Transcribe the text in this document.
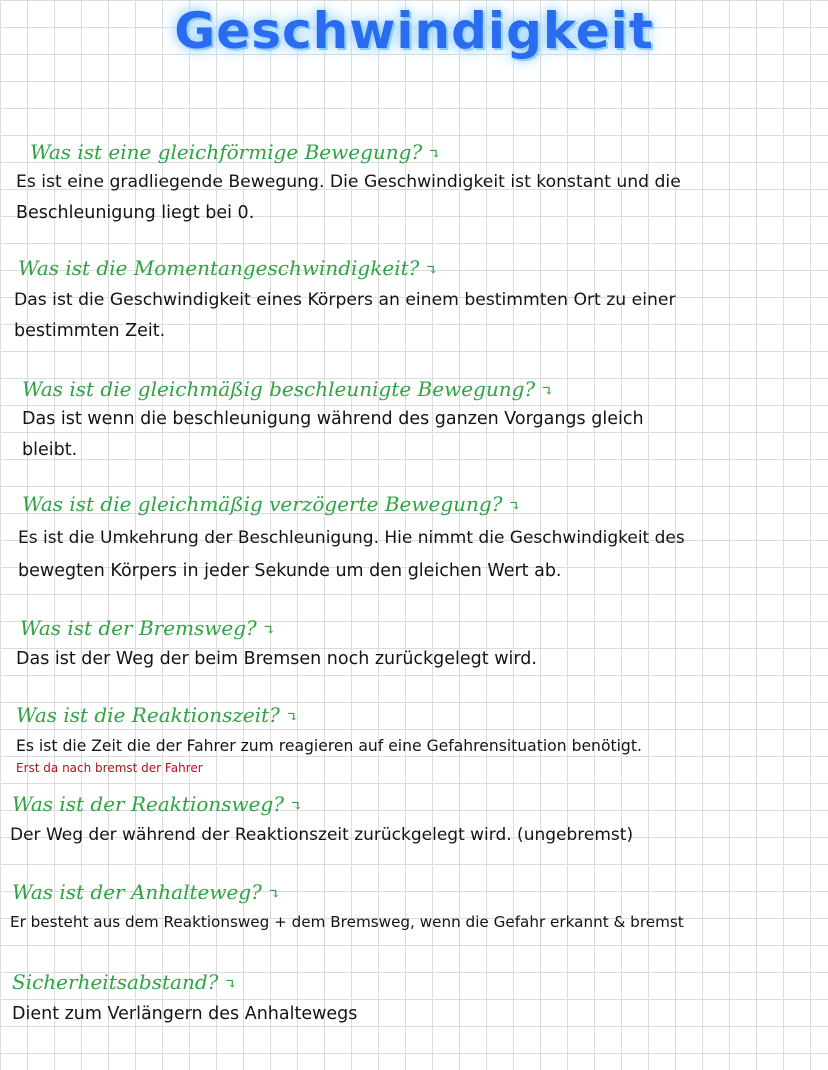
Geschwindigkeit

Was ist eine gleichförmige Bewegung? ↴

Es ist eine gradliegende Bewegung. Die Geschwindigkeit ist konstant und die

Beschleunigung liegt bei 0.

Was ist die Momentangeschwindigkeit? ↴

Das ist die Geschwindigkeit eines Körpers an einem bestimmten Ort zu einer

bestimmten Zeit.

Was ist die gleichmäßig beschleunigte Bewegung? ↴

Das ist wenn die beschleunigung während des ganzen Vorgangs gleich

bleibt.

Was ist die gleichmäßig verzögerte Bewegung? ↴

Es ist die Umkehrung der Beschleunigung. Hie nimmt die Geschwindigkeit des

bewegten Körpers in jeder Sekunde um den gleichen Wert ab.

Was ist der Bremsweg? ↴

Das ist der Weg der beim Bremsen noch zurückgelegt wird.

Was ist die Reaktionszeit? ↴

Es ist die Zeit die der Fahrer zum reagieren auf eine Gefahrensituation benötigt.

Erst da nach bremst der Fahrer

Was ist der Reaktionsweg? ↴

Der Weg der während der Reaktionszeit zurückgelegt wird. (ungebremst)

Was ist der Anhalteweg? ↴

Er besteht aus dem Reaktionsweg + dem Bremsweg, wenn die Gefahr erkannt & bremst

Sicherheitsabstand? ↴

Dient zum Verlängern des Anhaltewegs
